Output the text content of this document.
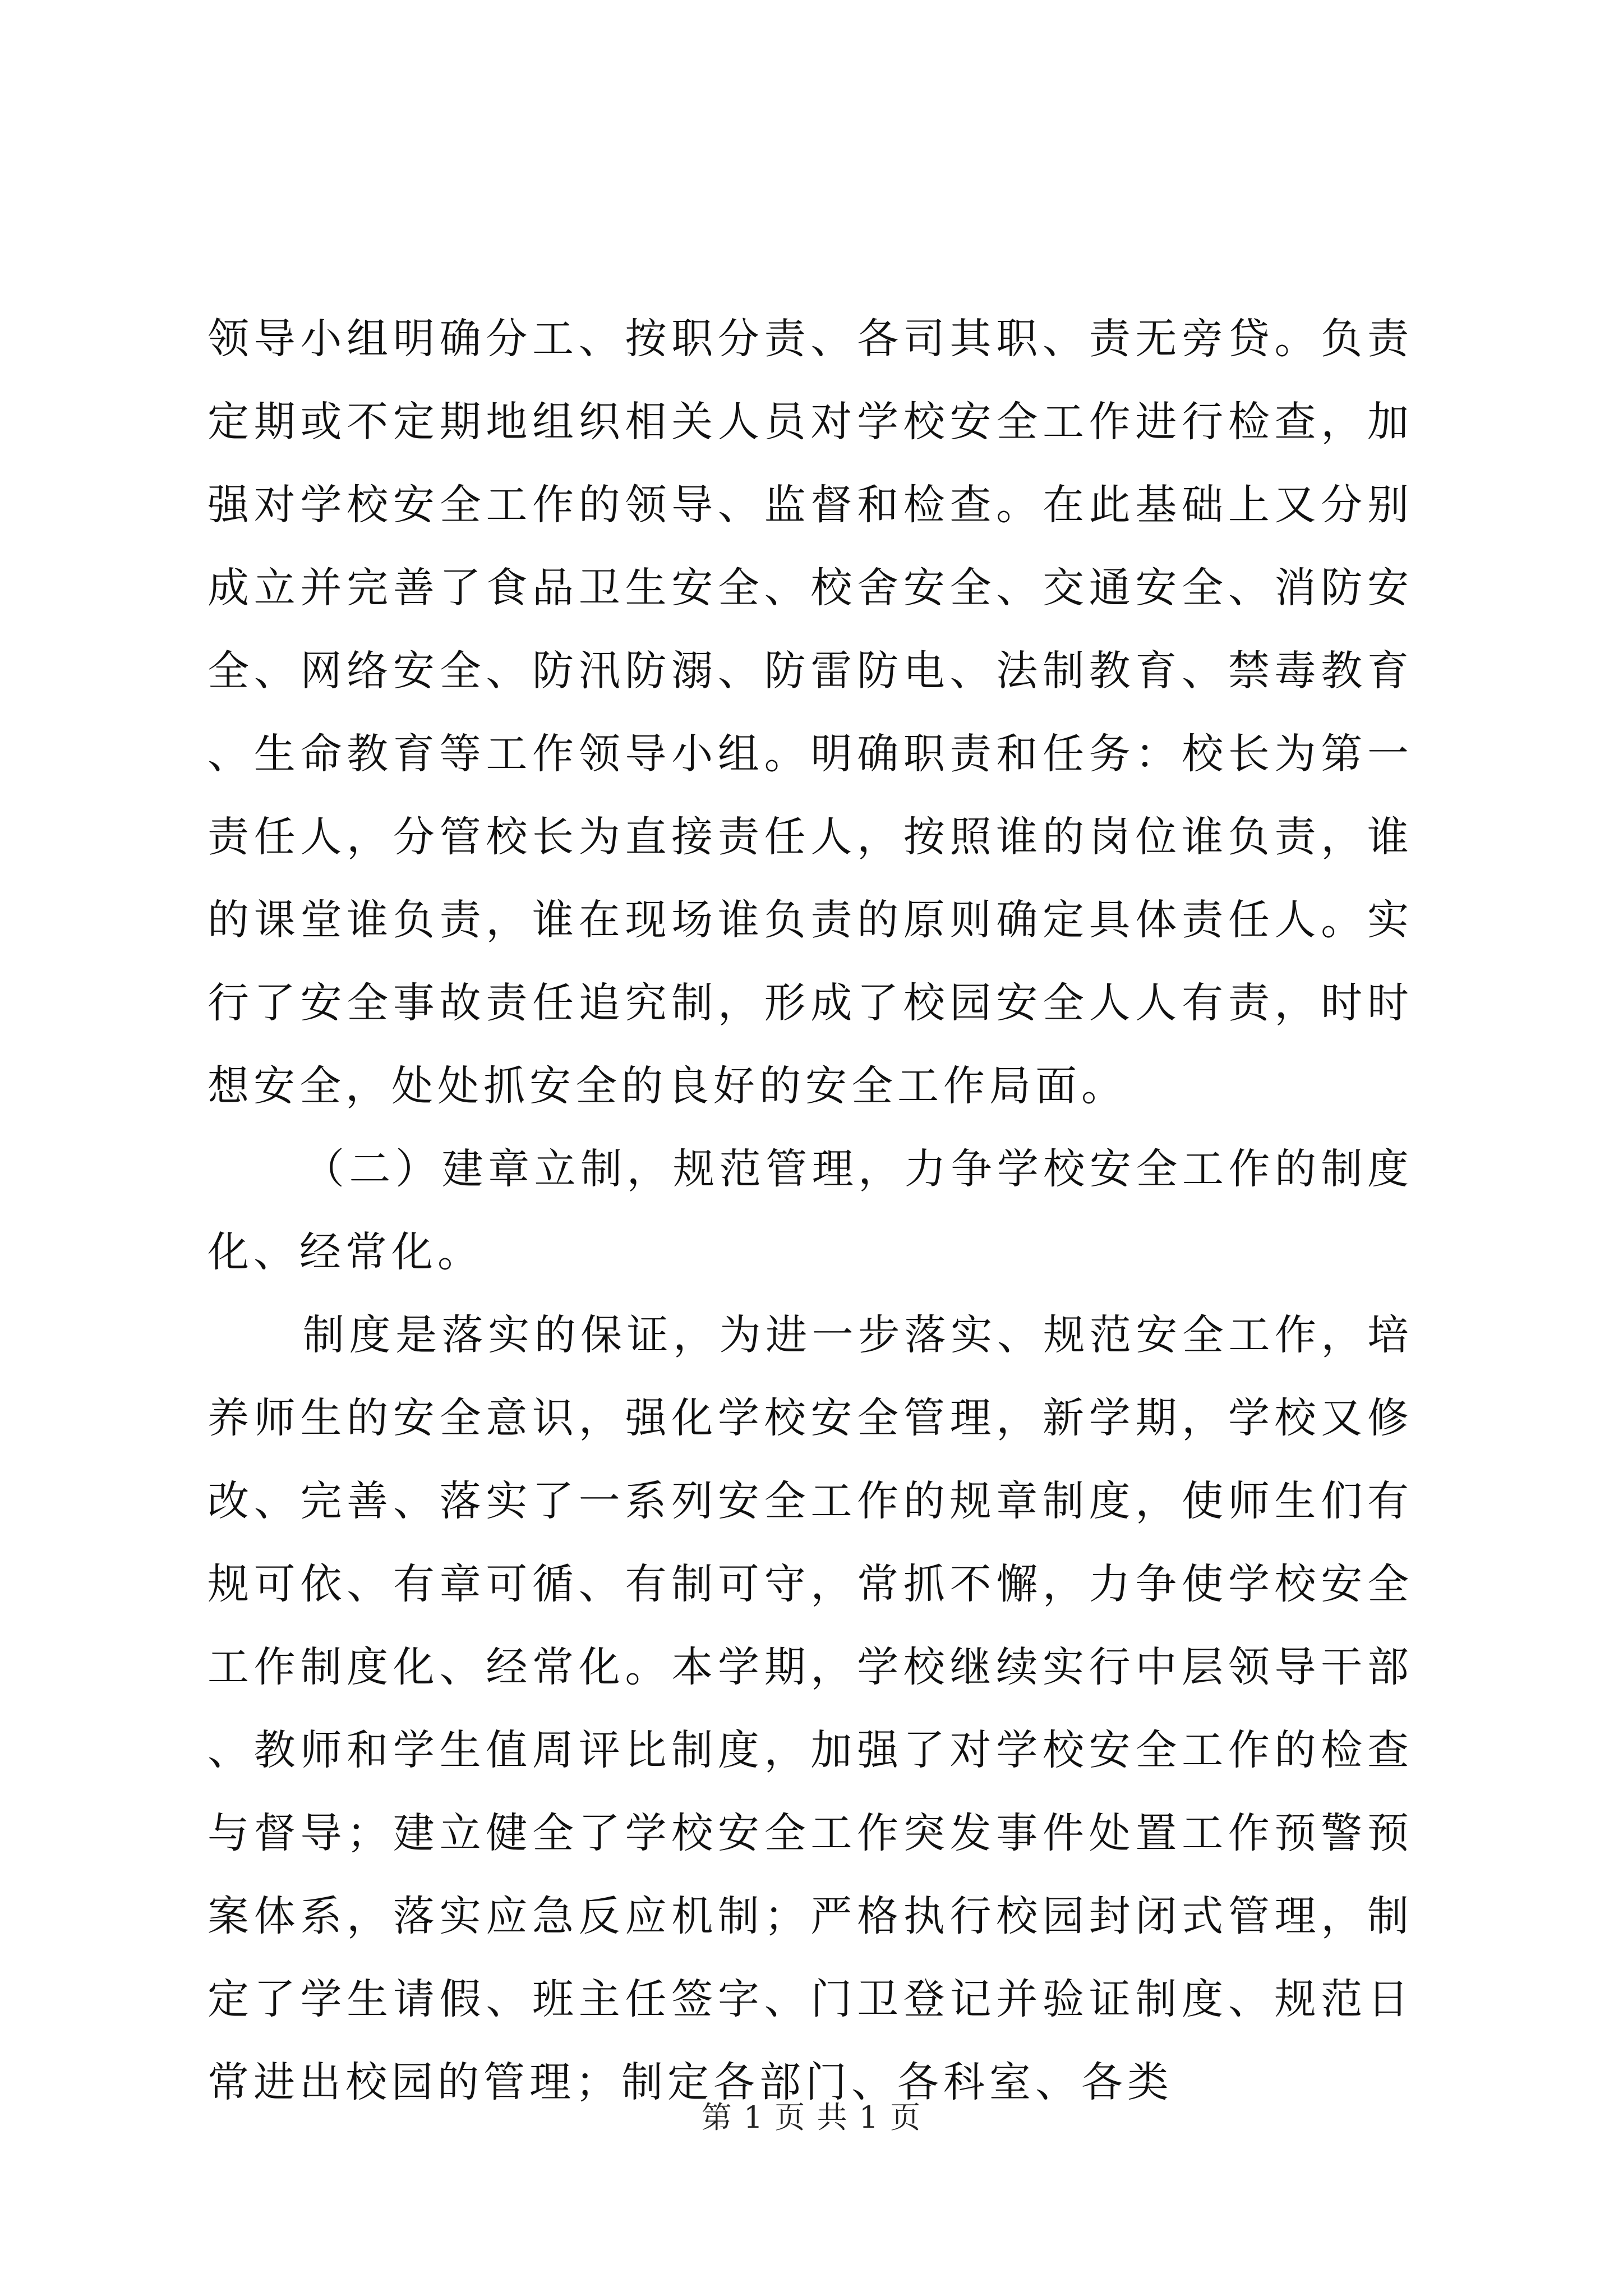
领导小组明确分工、按职分责、各司其职、责无旁贷。负责定期或不定期地组织相关人员对学校安全工作进行检查，加强对学校安全工作的领导、监督和检查。在此基础上又分别成立并完善了食品卫生安全、校舍安全、交通安全、消防安全、网络安全、防汛防溺、防雷防电、法制教育、禁毒教育、生命教育等工作领导小组。明确职责和任务：校长为第一责任人，分管校长为直接责任人，按照谁的岗位谁负责，谁的课堂谁负责，谁在现场谁负责的原则确定具体责任人。实行了安全事故责任追究制，形成了校园安全人人有责，时时想安全，处处抓安全的良好的安全工作局面。

（二）建章立制，规范管理，力争学校安全工作的制度化、经常化。

制度是落实的保证，为进一步落实、规范安全工作，培养师生的安全意识，强化学校安全管理，新学期，学校又修改、完善、落实了一系列安全工作的规章制度，使师生们有规可依、有章可循、有制可守，常抓不懈，力争使学校安全工作制度化、经常化。本学期，学校继续实行中层领导干部、教师和学生值周评比制度，加强了对学校安全工作的检查与督导；建立健全了学校安全工作突发事件处置工作预警预案体系，落实应急反应机制；严格执行校园封闭式管理，制定了学生请假、班主任签字、门卫登记并验证制度、规范日常进出校园的管理；制定各部门、各科室、各类

第 1 页 共 1 页
